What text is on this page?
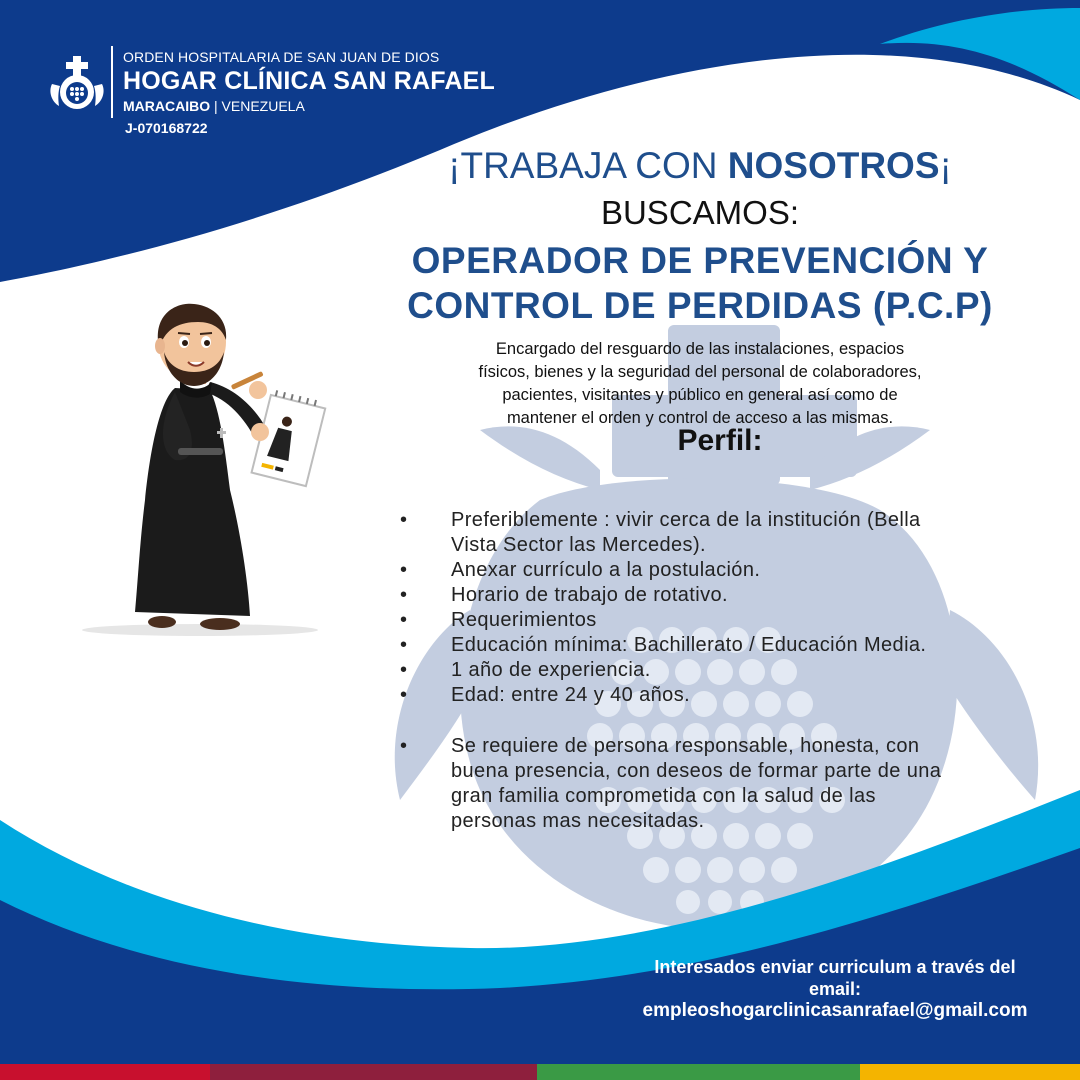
ORDEN HOSPITALARIA DE SAN JUAN DE DIOS
HOGAR CLÍNICA SAN RAFAEL
MARACAIBO | VENEZUELA
J-070168722
¡TRABAJA CON NOSOTROS¡
BUSCAMOS:
OPERADOR DE PREVENCIÓN Y
CONTROL DE PERDIDAS (P.C.P)
Encargado del resguardo de las instalaciones, espacios
físicos, bienes y la seguridad del personal de colaboradores,
pacientes, visitantes y público en general así como de
mantener el orden y control de acceso a las mismas.
Perfil:
• Preferiblemente : vivir cerca de la institución (Bella
Vista Sector las Mercedes).
• Anexar currículo a la postulación.
• Horario de trabajo de rotativo.
• Requerimientos
• Educación mínima: Bachillerato / Educación Media.
• 1 año de experiencia.
• Edad: entre 24 y 40 años.
• Se requiere de persona responsable, honesta, con
buena presencia, con deseos de formar parte de una
gran familia comprometida con la salud de las
personas mas necesitadas.
Interesados enviar curriculum a través del
email:
empleoshogarclinicasanrafael@gmail.com
